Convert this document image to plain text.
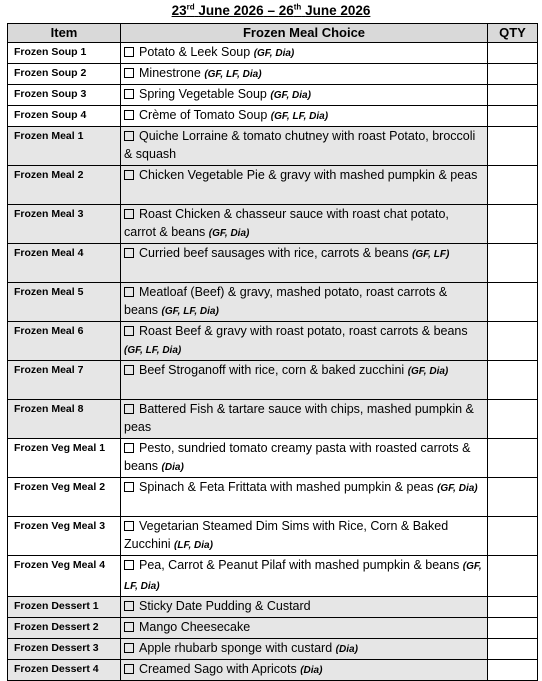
23rd June 2026 – 26th June 2026
Item	Frozen Meal Choice	QTY
Frozen Soup 1	Potato & Leek Soup (GF, Dia)	
Frozen Soup 2	Minestrone (GF, LF, Dia)	
Frozen Soup 3	Spring Vegetable Soup (GF, Dia)	
Frozen Soup 4	Crème of Tomato Soup (GF, LF, Dia)	
Frozen Meal 1	Quiche Lorraine & tomato chutney with roast Potato, broccoli & squash	
Frozen Meal 2	Chicken Vegetable Pie & gravy with mashed pumpkin & peas	
Frozen Meal 3	Roast Chicken & chasseur sauce with roast chat potato, carrot & beans (GF, Dia)	
Frozen Meal 4	Curried beef sausages with rice, carrots & beans (GF, LF)	
Frozen Meal 5	Meatloaf (Beef) & gravy, mashed potato, roast carrots & beans (GF, LF, Dia)	
Frozen Meal 6	Roast Beef & gravy with roast potato, roast carrots & beans (GF, LF, Dia)	
Frozen Meal 7	Beef Stroganoff with rice, corn & baked zucchini (GF, Dia)	
Frozen Meal 8	Battered Fish & tartare sauce with chips, mashed pumpkin & peas	
Frozen Veg Meal 1	Pesto, sundried tomato creamy pasta with roasted carrots & beans (Dia)	
Frozen Veg Meal 2	Spinach & Feta Frittata with mashed pumpkin & peas (GF, Dia)	
Frozen Veg Meal 3	Vegetarian Steamed Dim Sims with Rice, Corn & Baked Zucchini (LF, Dia)	
Frozen Veg Meal 4	Pea, Carrot & Peanut Pilaf with mashed pumpkin & beans (GF, LF, Dia)	
Frozen Dessert 1	Sticky Date Pudding & Custard	
Frozen Dessert 2	Mango Cheesecake	
Frozen Dessert 3	Apple rhubarb sponge with custard (Dia)	
Frozen Dessert 4	Creamed Sago with Apricots (Dia)	
